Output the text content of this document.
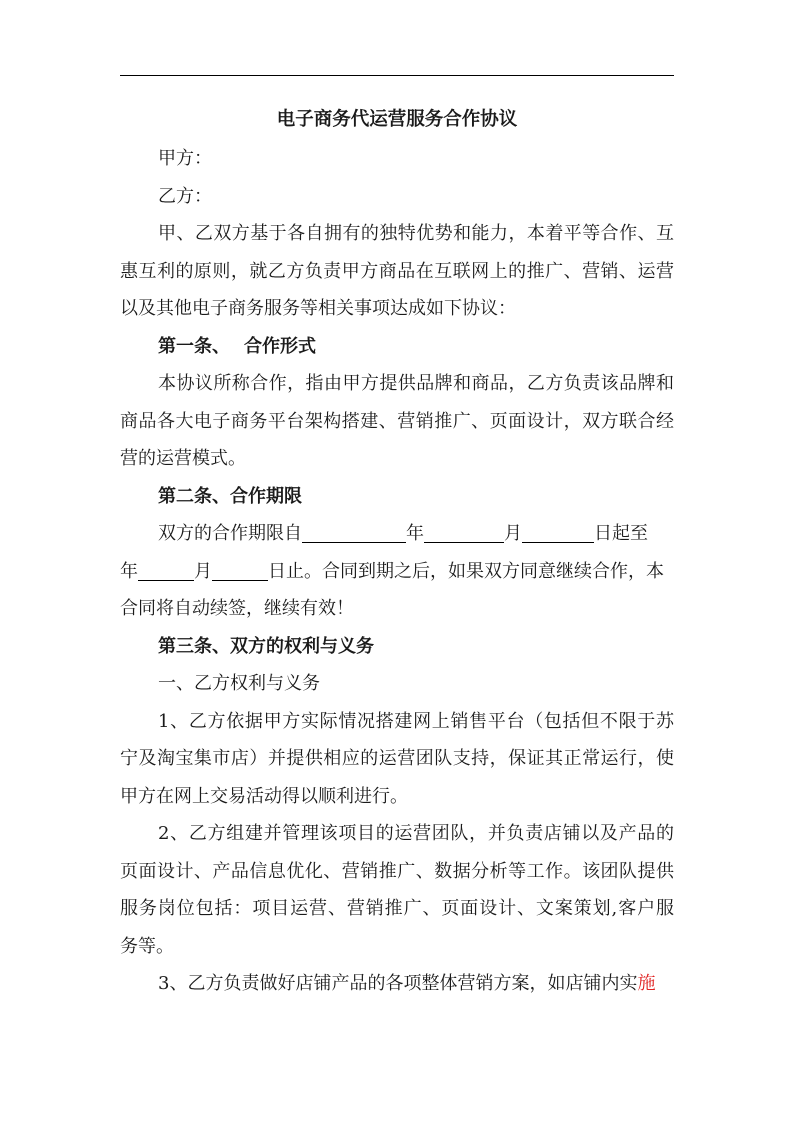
电子商务代运营服务合作协议
甲方：
乙方：
甲、乙双方基于各自拥有的独特优势和能力，本着平等合作、互
惠互利的原则，就乙方负责甲方商品在互联网上的推广、营销、运营
以及其他电子商务服务等相关事项达成如下协议：
第一条、 合作形式
本协议所称合作，指由甲方提供品牌和商品，乙方负责该品牌和
商品各大电子商务平台架构搭建、营销推广、页面设计，双方联合经
营的运营模式。
第二条、合作期限
双方的合作期限自	年	月	日起至
年	月	日止。合同到期之后，如果双方同意继续合作，本
合同将自动续签，继续有效！
第三条、双方的权利与义务
一、乙方权利与义务
1、乙方依据甲方实际情况搭建网上销售平台（包括但不限于苏
宁及淘宝集市店）并提供相应的运营团队支持，保证其正常运行，使
甲方在网上交易活动得以顺利进行。
2、乙方组建并管理该项目的运营团队，并负责店铺以及产品的
页面设计、产品信息优化、营销推广、数据分析等工作。该团队提供
服务岗位包括：项目运营、营销推广、页面设计、文案策划,客户服
务等。
3、乙方负责做好店铺产品的各项整体营销方案，如店铺内实施
